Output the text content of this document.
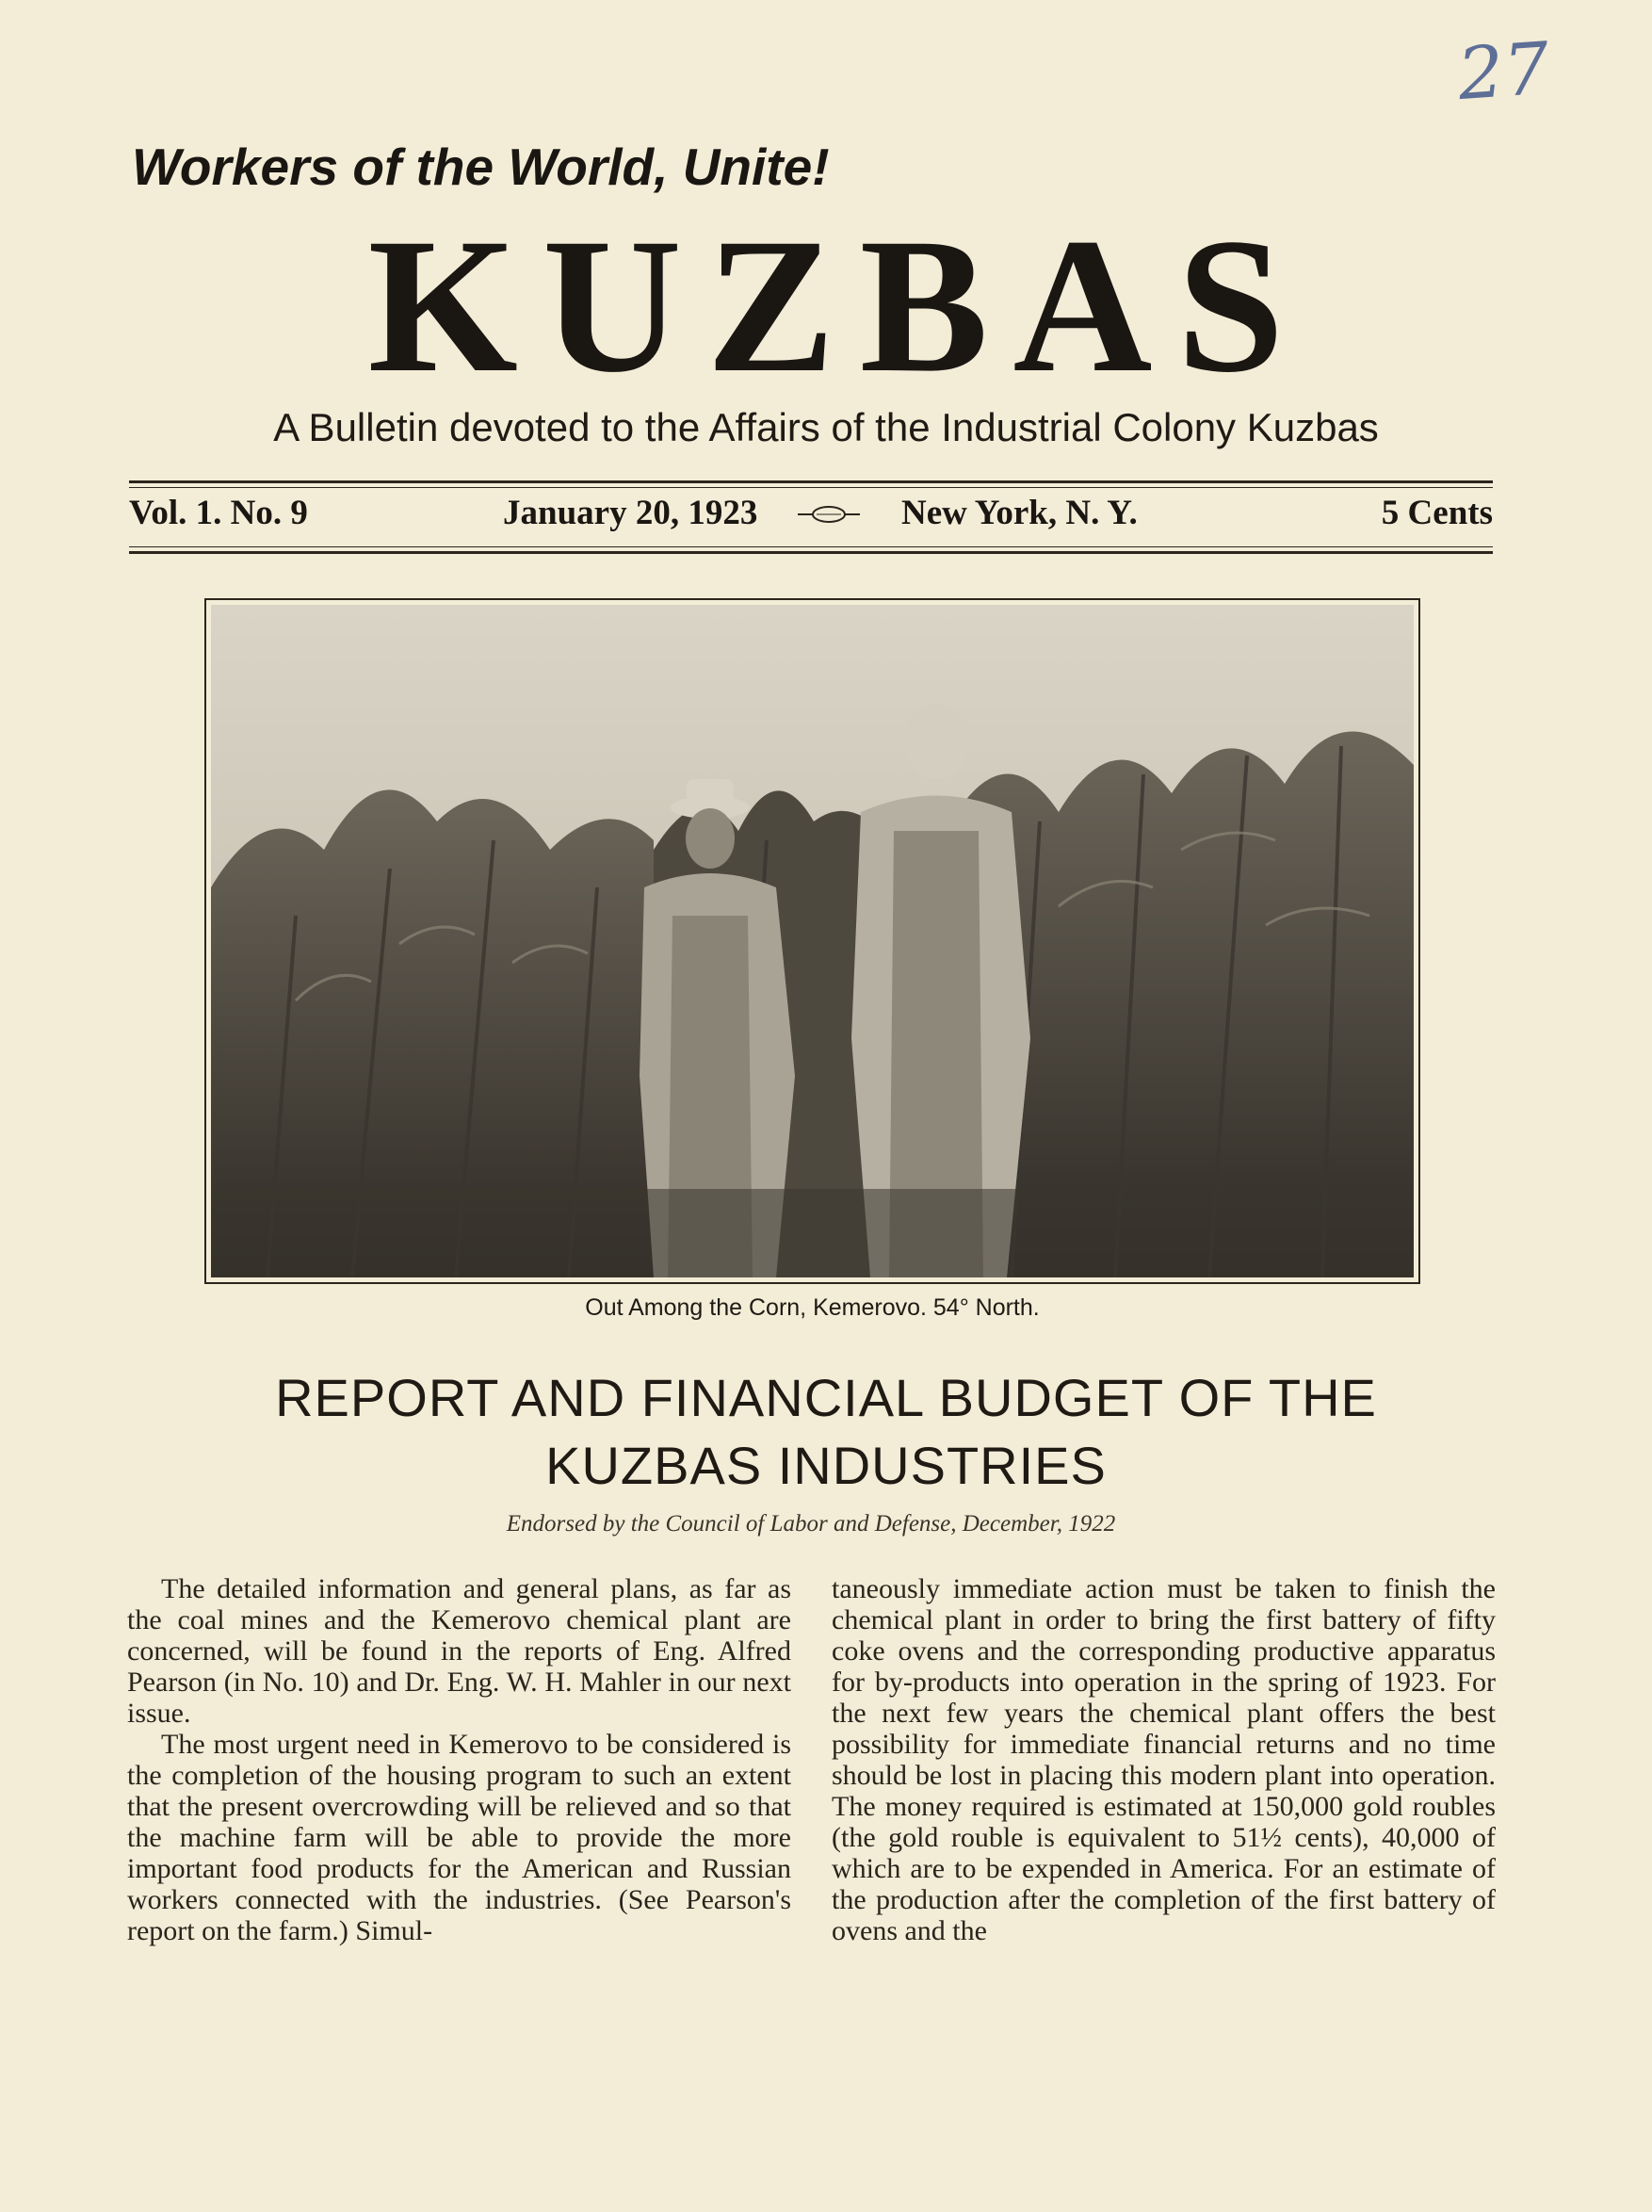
27
Workers of the World, Unite!
KUZBAS
A Bulletin devoted to the Affairs of the Industrial Colony Kuzbas
Vol. 1. No. 9	January 20, 1923	New York, N. Y.	5 Cents
Out Among the Corn, Kemerovo. 54° North.
REPORT AND FINANCIAL BUDGET OF THE
KUZBAS INDUSTRIES
Endorsed by the Council of Labor and Defense, December, 1922

The detailed information and general plans, as far as the coal mines and the Kemerovo chemical plant are concerned, will be found in the reports of Eng. Alfred Pearson (in No. 10) and Dr. Eng. W. H. Mahler in our next issue.

The most urgent need in Kemerovo to be considered is the completion of the housing program to such an extent that the present overcrowding will be relieved and so that the machine farm will be able to provide the more important food products for the American and Russian workers connected with the industries. (See Pearson's report on the farm.) Simul-

taneously immediate action must be taken to finish the chemical plant in order to bring the first battery of fifty coke ovens and the corresponding productive apparatus for by-products into operation in the spring of 1923. For the next few years the chemical plant offers the best possibility for immediate financial returns and no time should be lost in placing this modern plant into operation. The money required is estimated at 150,000 gold roubles (the gold rouble is equivalent to 51½ cents), 40,000 of which are to be expended in America. For an estimate of the production after the completion of the first battery of ovens and the
